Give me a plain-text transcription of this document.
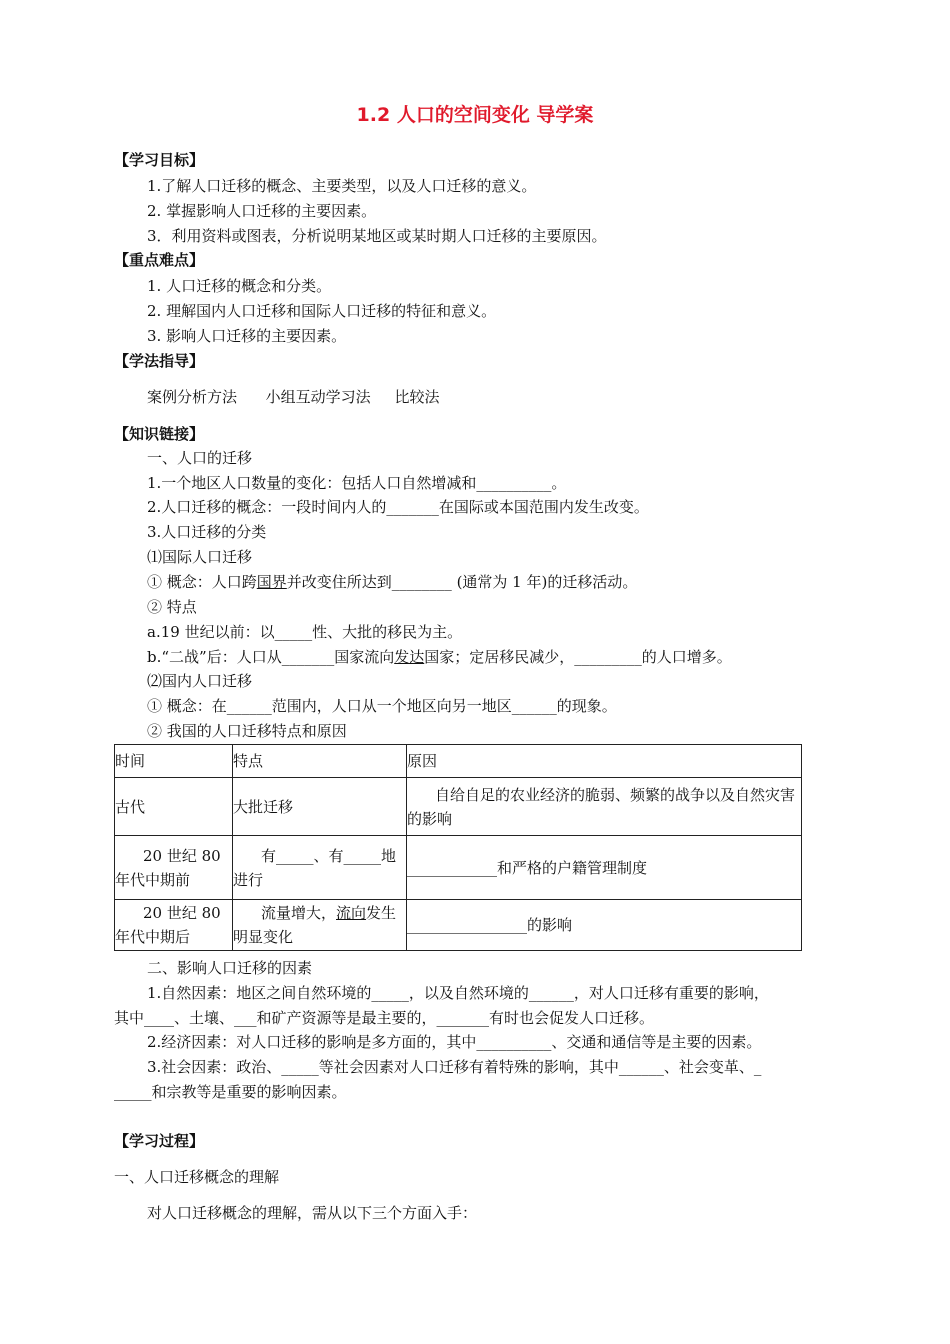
1.2 人口的空间变化 导学案
【学习目标】
1.了解人口迁移的概念、主要类型，以及人口迁移的意义。
2. 掌握影响人口迁移的主要因素。
3．利用资料或图表，分析说明某地区或某时期人口迁移的主要原因。
【重点难点】
1. 人口迁移的概念和分类。
2. 理解国内人口迁移和国际人口迁移的特征和意义。
3. 影响人口迁移的主要因素。
【学法指导】
案例分析方法      小组互动学习法     比较法
【知识链接】
一、人口的迁移
1.一个地区人口数量的变化：包括人口自然增减和__________。
2.人口迁移的概念：一段时间内人的_______在国际或本国范围内发生改变。
3.人口迁移的分类
⑴国际人口迁移
① 概念：人口跨国界并改变住所达到________ (通常为 1 年)的迁移活动。
② 特点
a.19 世纪以前：以_____性、大批的移民为主。
b.“二战”后：人口从_______国家流向发达国家；定居移民减少，_________的人口增多。
⑵国内人口迁移
① 概念：在______范围内，人口从一个地区向另一地区______的现象。
② 我国的人口迁移特点和原因
时间	特点	原因
古代	大批迁移	自给自足的农业经济的脆弱、频繁的战争以及自然灾害的影响
20 世纪 80 年代中期前	有_____、有_____地进行	____________和严格的户籍管理制度
20 世纪 80 年代中期后	流量增大，流向发生明显变化	________________的影响
二、影响人口迁移的因素
1.自然因素：地区之间自然环境的_____，以及自然环境的______，对人口迁移有重要的影响，
其中____、土壤、___和矿产资源等是最主要的，_______有时也会促发人口迁移。
2.经济因素：对人口迁移的影响是多方面的，其中__________、交通和通信等是主要的因素。
3.社会因素：政治、_____等社会因素对人口迁移有着特殊的影响，其中______、社会变革、_
_____和宗教等是重要的影响因素。
【学习过程】
一、人口迁移概念的理解
对人口迁移概念的理解，需从以下三个方面入手：
